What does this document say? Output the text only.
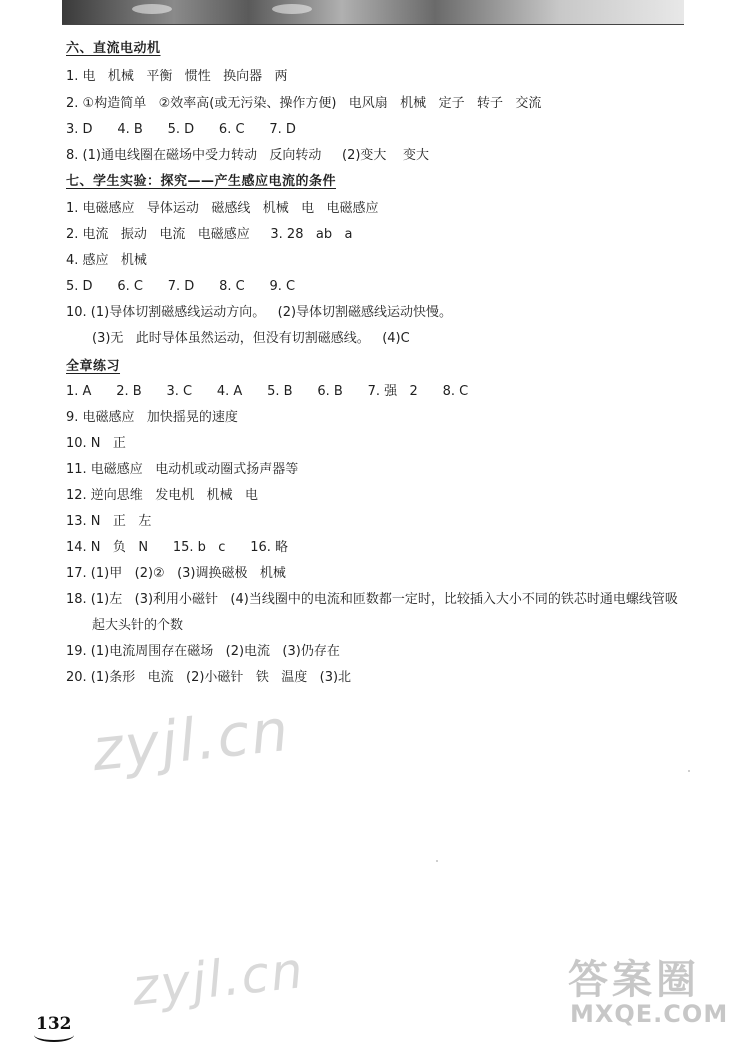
六、直流电动机
1. 电   机械   平衡   惯性   换向器   两
2. ①构造简单   ②效率高(或无污染、操作方便)   电风扇   机械   定子   转子   交流
3. D      4. B      5. D      6. C      7. D
8. (1)通电线圈在磁场中受力转动   反向转动     (2)变大    变大
七、学生实验：探究——产生感应电流的条件
1. 电磁感应   导体运动   磁感线   机械   电   电磁感应
2. 电流   振动   电流   电磁感应     3. 28   ab   a
4. 感应   机械
5. D      6. C      7. D      8. C      9. C
10. (1)导体切割磁感线运动方向。   (2)导体切割磁感线运动快慢。
(3)无   此时导体虽然运动，但没有切割磁感线。   (4)C
全章练习
1. A      2. B      3. C      4. A      5. B      6. B      7. 强   2      8. C
9. 电磁感应   加快摇晃的速度
10. N   正
11. 电磁感应   电动机或动圈式扬声器等
12. 逆向思维   发电机   机械   电
13. N   正   左
14. N   负   N      15. b   c      16. 略
17. (1)甲   (2)②   (3)调换磁极   机械
18. (1)左   (3)利用小磁针   (4)当线圈中的电流和匝数都一定时，比较插入大小不同的铁芯时通电螺线管吸
起大头针的个数
19. (1)电流周围存在磁场   (2)电流   (3)仍存在
20. (1)条形   电流   (2)小磁针   铁   温度   (3)北
zyjl.cn
zyjl.cn	答案圈
MXQE.COM
132
